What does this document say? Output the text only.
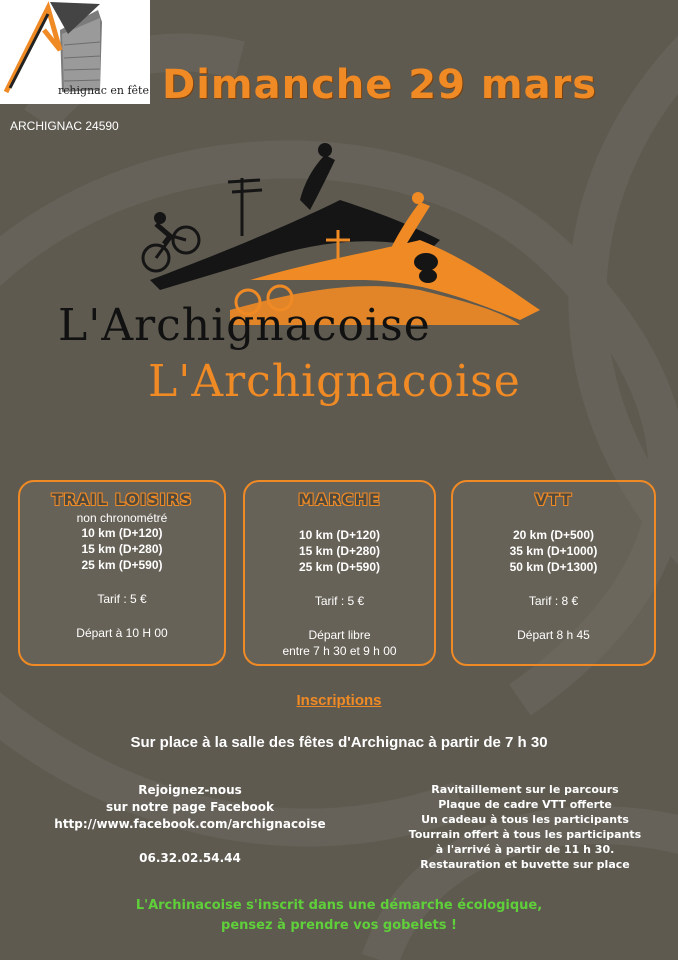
rchignac en fête Dimanche 29 mars
ARCHIGNAC 24590
L'Archignacoise
L'Archignacoise
TRAIL LOISIRS
non chronométré
10 km (D+120)
15 km (D+280)
25 km (D+590)
Tarif : 5 €
Départ à 10 H 00
MARCHE
10 km (D+120)
15 km (D+280)
25 km (D+590)
Tarif : 5 €
Départ libre
entre 7 h 30 et 9 h 00
VTT
20 km (D+500)
35 km (D+1000)
50 km (D+1300)
Tarif : 8 €
Départ 8 h 45
Inscriptions
Sur place à la salle des fêtes d'Archignac à partir de 7 h 30
Rejoignez-nous
sur notre page Facebook
http://www.facebook.com/archignacoise
06.32.02.54.44
Ravitaillement sur le parcours
Plaque de cadre VTT offerte
Un cadeau à tous les participants
Tourrain offert à tous les participants
à l'arrivé à partir de 11 h 30.
Restauration et buvette sur place
L'Archinacoise s'inscrit dans une démarche écologique,
pensez à prendre vos gobelets !
